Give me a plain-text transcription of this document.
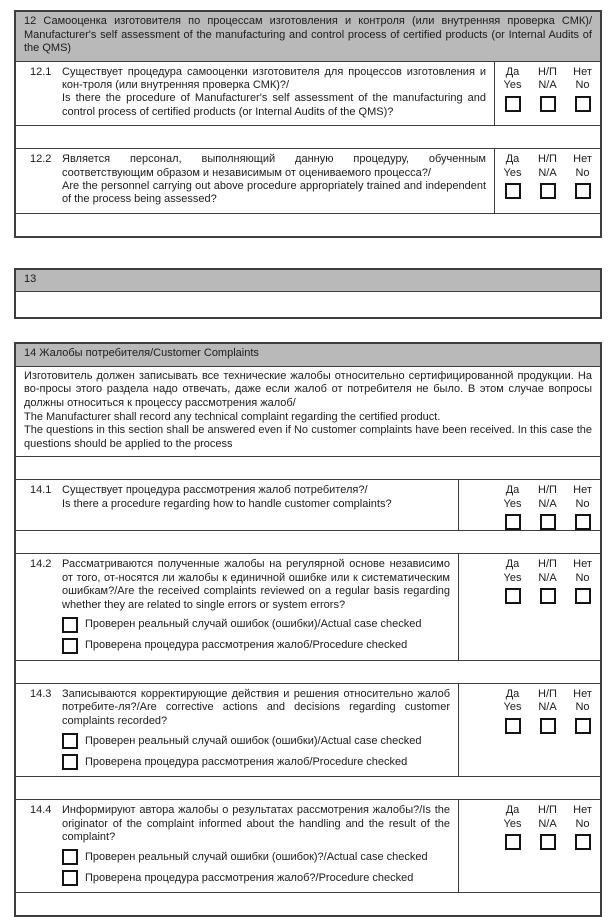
12 Самооценка изготовителя по процессам изготовления и контроля (или внутренняя проверка СМК)/ Manufacturer's self assessment of the manufacturing and control process of certified products (or Internal Audits of the QMS)
12.1 Существует процедура самооценки изготовителя для процессов изготовления и кон-троля (или внутренняя проверка СМК)?/

Is there the procedure of Manufacturer's self assessment of the manufacturing and control process of certified products (or Internal Audits of the QMS)?

Да
Yes
Н/П
N/A
Нет
No
12.2 Является персонал, выполняющий данную процедуру, обученным соответствующим образом и независимым от оцениваемого процесса?/

Are the personnel carrying out above procedure appropriately trained and independent of the process being assessed?

Да
Yes
Н/П
N/A
Нет
No
13
14 Жалобы потребителя/Customer Complaints

Изготовитель должен записывать все технические жалобы относительно сертифицированной продукции. На во-просы этого раздела надо отвечать, даже если жалоб от потребителя не было. В этом случае вопросы должны относиться к процессу рассмотрения жалоб/

The Manufacturer shall record any technical complaint regarding the certified product.

The questions in this section shall be answered even if No customer complaints have been received. In this case the questions should be applied to the process

14.1 Существует процедура рассмотрения жалоб потребителя?/

Is there a procedure regarding how to handle customer complaints?

Да
Yes
Н/П
N/A
Нет
No
14.2 Рассматриваются полученные жалобы на регулярной основе независимо от того, от-носятся ли жалобы к единичной ошибке или к систематическим ошибкам?/Are the received complaints reviewed on a regular basis regarding whether they are related to single errors or system errors?

Проверен реальный случай ошибок (ошибки)/Actual case checked
Проверена процедура рассмотрения жалоб/Procedure checked
Да
Yes
Н/П
N/A
Нет
No
14.3 Записываются корректирующие действия и решения относительно жалоб потребите-ля?/Are corrective actions and decisions regarding customer complaints recorded?

Проверен реальный случай ошибок (ошибки)/Actual case checked
Проверена процедура рассмотрения жалоб/Procedure checked
Да
Yes
Н/П
N/A
Нет
No
14.4 Информируют автора жалобы о результатах рассмотрения жалобы?/Is the originator of the complaint informed about the handling and the result of the complaint?

Проверен реальный случай ошибки (ошибок)?/Actual case checked
Проверена процедура рассмотрения жалоб?/Procedure checked
Да
Yes
Н/П
N/A
Нет
No
